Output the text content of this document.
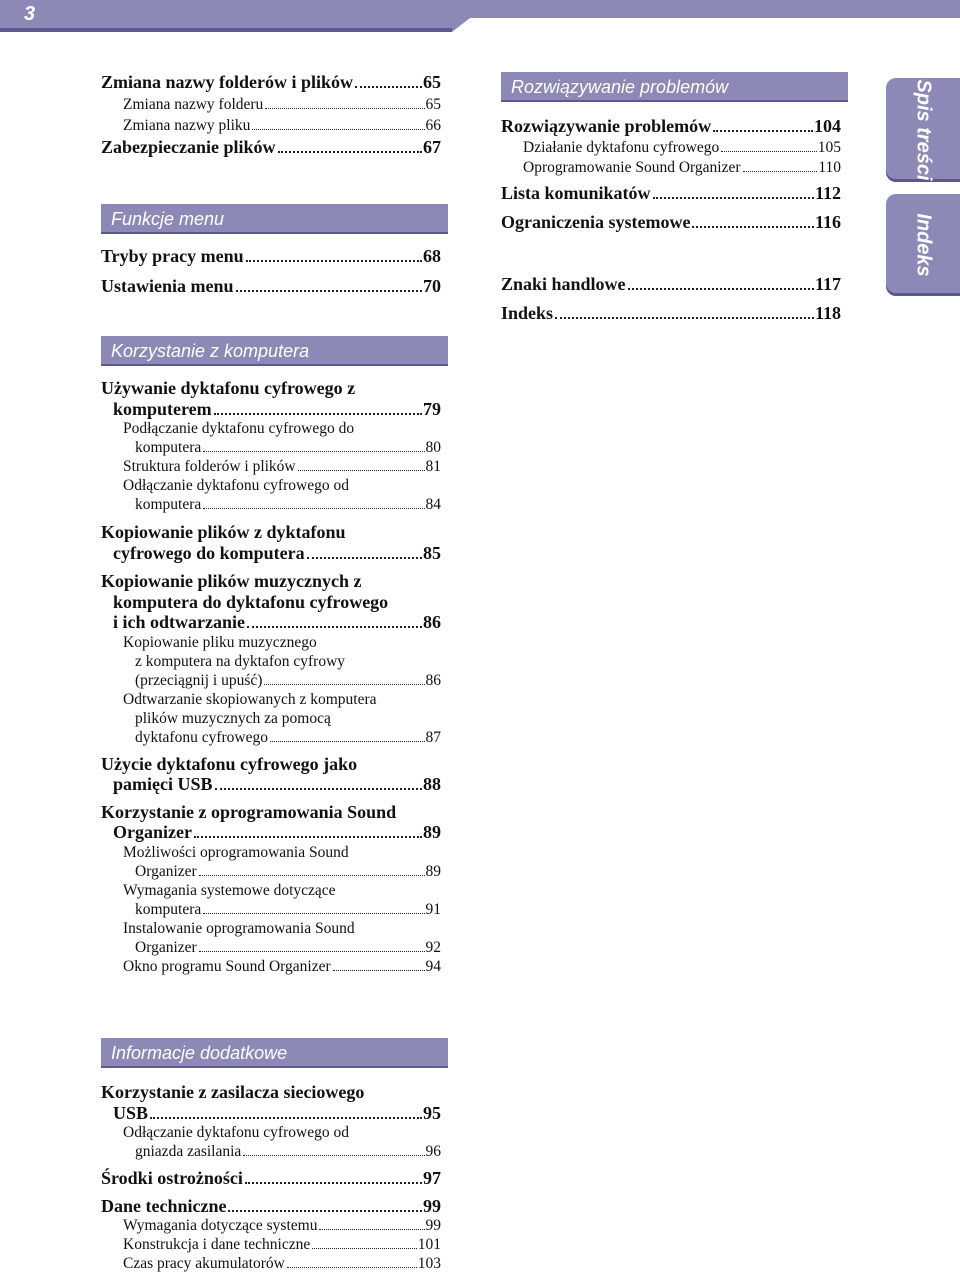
3
Spis treści
Indeks
Zmiana nazwy folderów i plików	65
Zmiana nazwy folderu	65
Zmiana nazwy pliku	66
Zabezpieczanie plików	67
Funkcje menu
Tryby pracy menu	68
Ustawienia menu	70
Korzystanie z komputera
Używanie dyktafonu cyfrowego z
komputerem	79
Podłączanie dyktafonu cyfrowego do
komputera	80
Struktura folderów i plików	81
Odłączanie dyktafonu cyfrowego od
komputera	84
Kopiowanie plików z dyktafonu
cyfrowego do komputera	85
Kopiowanie plików muzycznych z
komputera do dyktafonu cyfrowego
i ich odtwarzanie	86
Kopiowanie pliku muzycznego
z komputera na dyktafon cyfrowy
(przeciągnij i upuść)	86
Odtwarzanie skopiowanych z komputera
plików muzycznych za pomocą
dyktafonu cyfrowego	87
Użycie dyktafonu cyfrowego jako
pamięci USB	88
Korzystanie z oprogramowania Sound
Organizer	89
Możliwości oprogramowania Sound
Organizer	89
Wymagania systemowe dotyczące
komputera	91
Instalowanie oprogramowania Sound
Organizer	92
Okno programu Sound Organizer	94
Informacje dodatkowe
Korzystanie z zasilacza sieciowego
USB	95
Odłączanie dyktafonu cyfrowego od
gniazda zasilania	96
Środki ostrożności	97
Dane techniczne	99
Wymagania dotyczące systemu	99
Konstrukcja i dane techniczne	101
Czas pracy akumulatorów	103
Rozwiązywanie problemów
Rozwiązywanie problemów	104
Działanie dyktafonu cyfrowego	105
Oprogramowanie Sound Organizer	110
Lista komunikatów	112
Ograniczenia systemowe	116
Znaki handlowe	117
Indeks	118
